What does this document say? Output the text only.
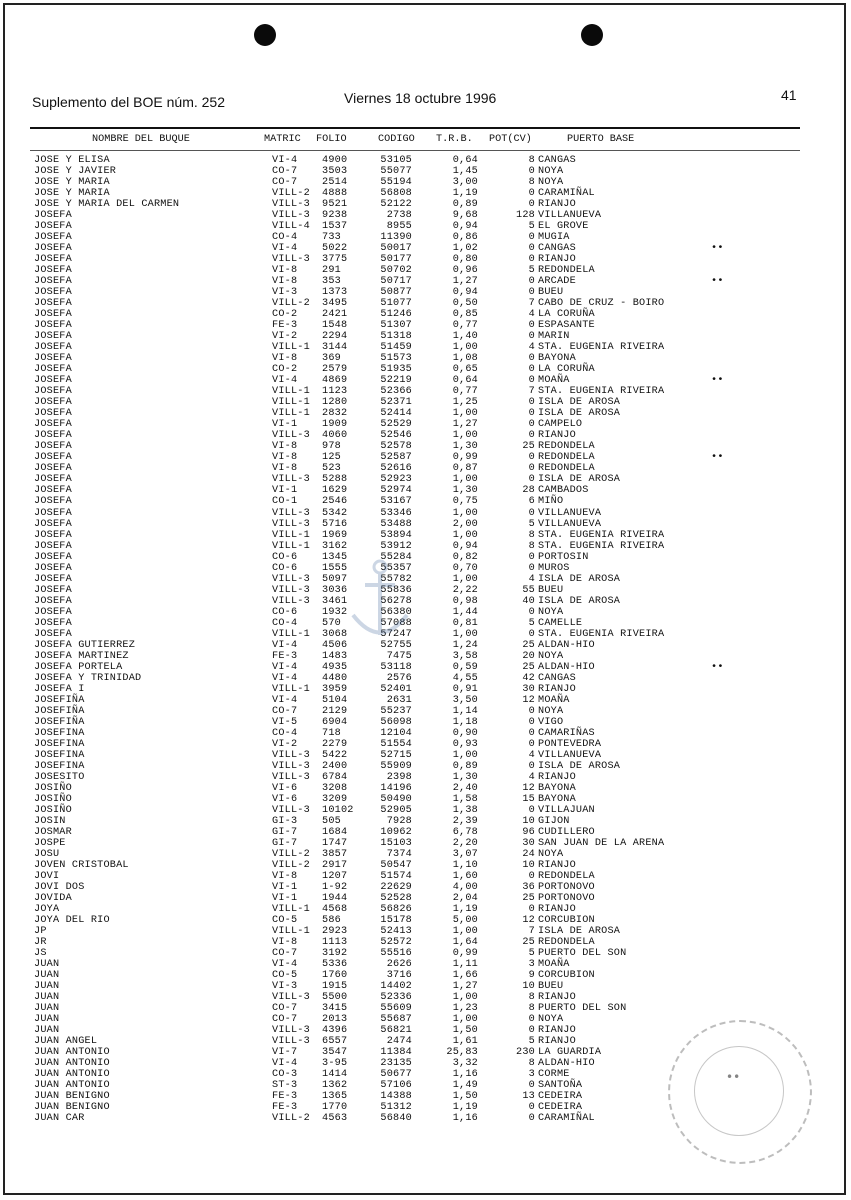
Suplemento del BOE núm. 252	Viernes 18 octubre 1996	41
NOMBRE DEL BUQUE	MATRIC FOLIO	CODIGO T.R.B. POT(CV)	PUERTO BASE
JOSE Y ELISA	VI-4 4900	53105	0,64	8 CANGAS
JOSE Y JAVIER	CO-7 3503	55077	1,45	0 NOYA
JOSE Y MARIA	CO-7 2514	55194	3,00	8 NOYA
JOSE Y MARIA	VILL-2 4888	56808	1,19	0 CARAMIÑAL
JOSE Y MARIA DEL CARMEN	VILL-3 9521	52122	0,89	0 RIANJO
JOSEFA	VILL-3 9238	2738	9,68	128 VILLANUEVA
JOSEFA	VILL-4 1537	8955	0,94	5 EL GROVE
JOSEFA	CO-4 733	11390	0,86	0 MUGIA
JOSEFA	VI-4 5022	50017	1,02	0 CANGAS	••
JOSEFA	VILL-3 3775	50177	0,80	0 RIANJO
JOSEFA	VI-8 291	50702	0,96	5 REDONDELA
JOSEFA	VI-8 353	50717	1,27	0 ARCADE	••
JOSEFA	VI-3 1373	50877	0,94	0 BUEU
JOSEFA	VILL-2 3495	51077	0,50	7 CABO DE CRUZ - BOIRO
JOSEFA	CO-2 2421	51246	0,85	4 LA CORUÑA
JOSEFA	FE-3 1548	51307	0,77	0 ESPASANTE
JOSEFA	VI-2 2294	51318	1,40	0 MARIN
JOSEFA	VILL-1 3144	51459	1,00	4 STA. EUGENIA RIVEIRA
JOSEFA	VI-8 369	51573	1,08	0 BAYONA
JOSEFA	CO-2 2579	51935	0,65	0 LA CORUÑA
JOSEFA	VI-4 4869	52219	0,64	0 MOAÑA	••
JOSEFA	VILL-1 1123	52366	0,77	7 STA. EUGENIA RIVEIRA
JOSEFA	VILL-1 1280	52371	1,25	0 ISLA DE AROSA
JOSEFA	VILL-1 2832	52414	1,00	0 ISLA DE AROSA
JOSEFA	VI-1 1909	52529	1,27	0 CAMPELO
JOSEFA	VILL-3 4060	52546	1,00	0 RIANJO
JOSEFA	VI-8 978	52578	1,30	25 REDONDELA
JOSEFA	VI-8 125	52587	0,99	0 REDONDELA	••
JOSEFA	VI-8 523	52616	0,87	0 REDONDELA
JOSEFA	VILL-3 5288	52923	1,00	0 ISLA DE AROSA
JOSEFA	VI-1 1629	52974	1,30	28 CAMBADOS
JOSEFA	CO-1 2546	53167	0,75	6 MIÑO
JOSEFA	VILL-3 5342	53346	1,00	0 VILLANUEVA
JOSEFA	VILL-3 5716	53488	2,00	5 VILLANUEVA
JOSEFA	VILL-1 1969	53894	1,00	8 STA. EUGENIA RIVEIRA
JOSEFA	VILL-1 3162	53912	0,94	8 STA. EUGENIA RIVEIRA
JOSEFA	CO-6 1345	55284	0,82	0 PORTOSIN
JOSEFA	CO-6 1555	55357	0,70	0 MUROS
JOSEFA	VILL-3 5097	55782	1,00	4 ISLA DE AROSA
JOSEFA	VILL-3 3036	55836	2,22	55 BUEU
JOSEFA	VILL-3 3461	56278	0,98	40 ISLA DE AROSA
JOSEFA	CO-6 1932	56380	1,44	0 NOYA
JOSEFA	CO-4 570	57088	0,81	5 CAMELLE
JOSEFA	VILL-1 3068	57247	1,00	0 STA. EUGENIA RIVEIRA
JOSEFA GUTIERREZ	VI-4 4506	52755	1,24	25 ALDAN-HIO
JOSEFA MARTINEZ	FE-3 1483	7475	3,58	20 NOYA
JOSEFA PORTELA	VI-4 4935	53118	0,59	25 ALDAN-HIO	••
JOSEFA Y TRINIDAD	VI-4 4480	2576	4,55	42 CANGAS
JOSEFA I	VILL-1 3959	52401	0,91	30 RIANJO
JOSEFIÑA	VI-4 5104	2631	3,50	12 MOAÑA
JOSEFIÑA	CO-7 2129	55237	1,14	0 NOYA
JOSEFIÑA	VI-5 6904	56098	1,18	0 VIGO
JOSEFINA	CO-4 718	12104	0,90	0 CAMARIÑAS
JOSEFINA	VI-2 2279	51554	0,93	0 PONTEVEDRA
JOSEFINA	VILL-3 5422	52715	1,00	4 VILLANUEVA
JOSEFINA	VILL-3 2400	55909	0,89	0 ISLA DE AROSA
JOSESITO	VILL-3 6784	2398	1,30	4 RIANJO
JOSIÑO	VI-6 3208	14196	2,40	12 BAYONA
JOSIÑO	VI-6 3209	50490	1,58	15 BAYONA
JOSIÑO	VILL-3 10102	52905	1,38	0 VILLAJUAN
JOSIN	GI-3 505	7928	2,39	10 GIJON
JOSMAR	GI-7 1684	10962	6,78	96 CUDILLERO
JOSPE	GI-7 1747	15103	2,20	30 SAN JUAN DE LA ARENA
JOSU	VILL-2 3857	7374	3,07	24 NOYA
JOVEN CRISTOBAL	VILL-2 2917	50547	1,10	10 RIANJO
JOVI	VI-8 1207	51574	1,60	0 REDONDELA
JOVI DOS	VI-1 1-92	22629	4,00	36 PORTONOVO
JOVIDA	VI-1 1944	52528	2,04	25 PORTONOVO
JOYA	VILL-1 4568	56826	1,19	0 RIANJO
JOYA DEL RIO	CO-5 586	15178	5,00	12 CORCUBION
JP	VILL-1 2923	52413	1,00	7 ISLA DE AROSA
JR	VI-8 1113	52572	1,64	25 REDONDELA
JS	CO-7 3192	55516	0,99	5 PUERTO DEL SON
JUAN	VI-4 5336	2626	1,11	3 MOAÑA
JUAN	CO-5 1760	3716	1,66	9 CORCUBION
JUAN	VI-3 1915	14402	1,27	10 BUEU
JUAN	VILL-3 5500	52336	1,00	8 RIANJO
JUAN	CO-7 3415	55609	1,23	8 PUERTO DEL SON
JUAN	CO-7 2013	55687	1,00	0 NOYA
JUAN	VILL-3 4396	56821	1,50	0 RIANJO
JUAN ANGEL	VILL-3 6557	2474	1,61	5 RIANJO
JUAN ANTONIO	VI-7 3547	11384	25,83	230 LA GUARDIA
JUAN ANTONIO	VI-4 3-95	23135	3,32	8 ALDAN-HIO
JUAN ANTONIO	CO-3 1414	50677	1,16	3 CORME
JUAN ANTONIO	ST-3 1362	57106	1,49	0 SANTOÑA
JUAN BENIGNO	FE-3 1365	14388	1,50	13 CEDEIRA
JUAN BENIGNO	FE-3 1770	51312	1,19	0 CEDEIRA
JUAN CAR	VILL-2 4563	56840	1,16	0 CARAMIÑAL
••
